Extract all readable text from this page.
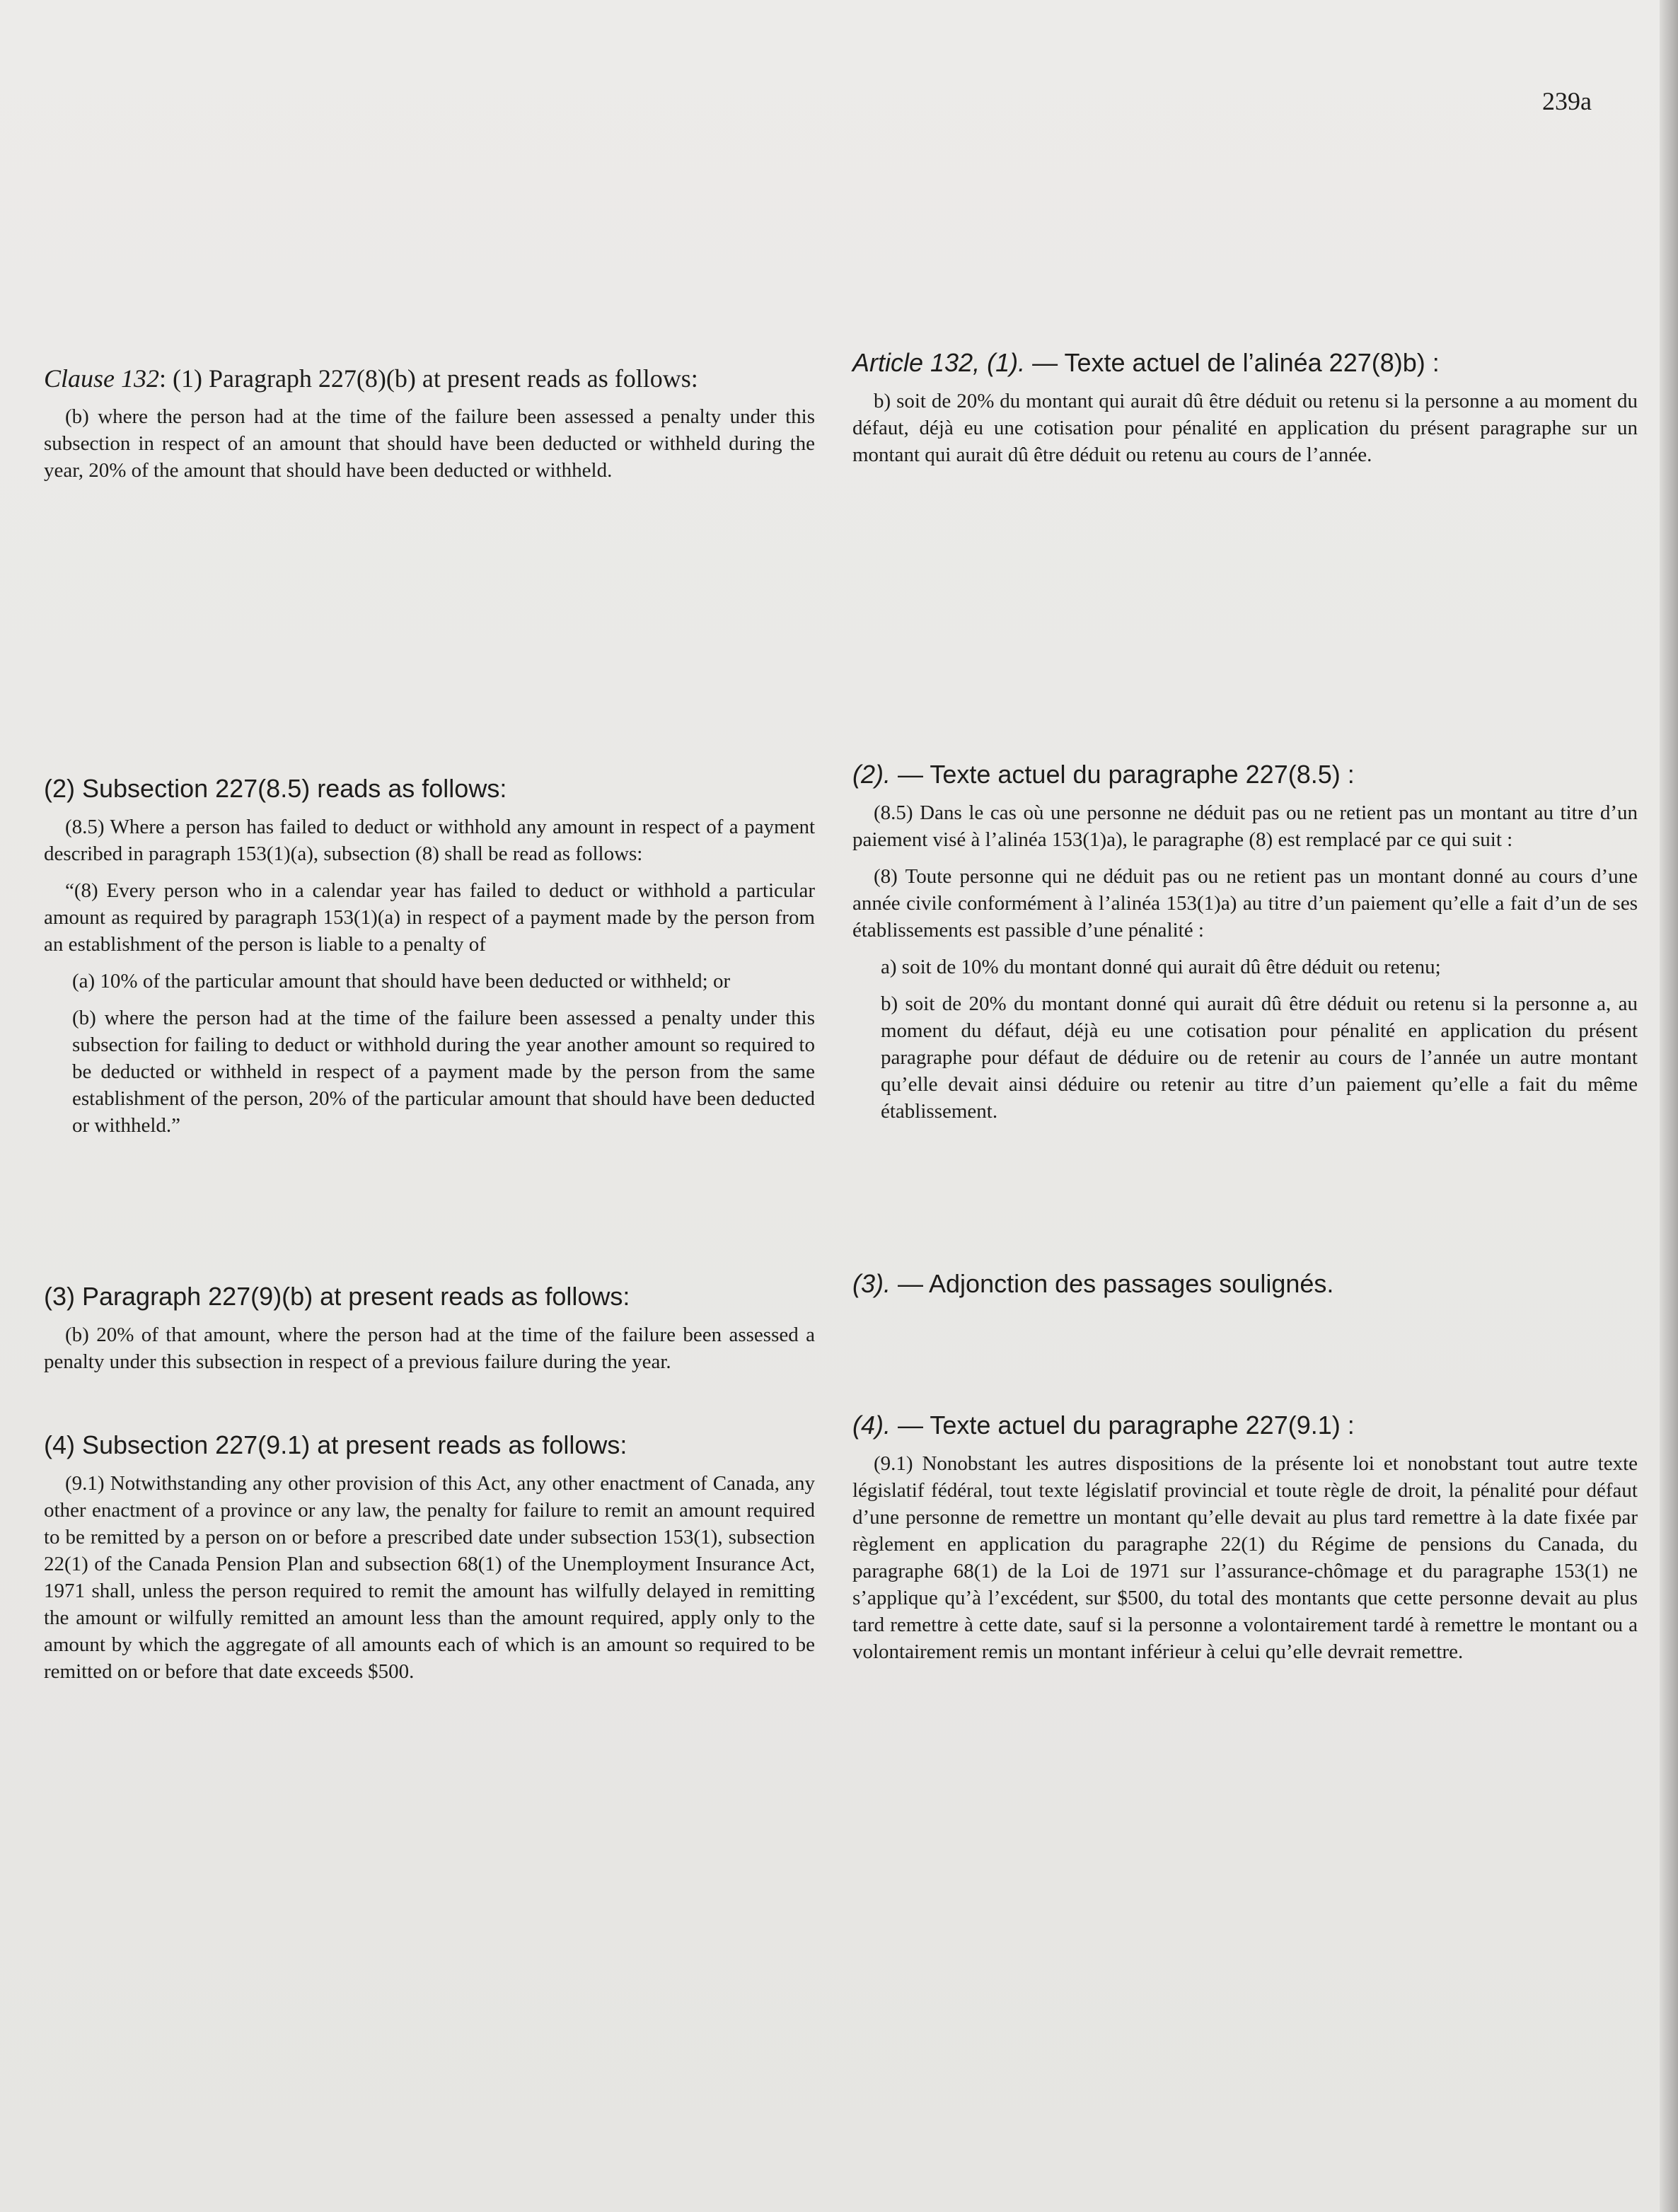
239a
Clause 132: (1) Paragraph 227(8)(b) at present reads as follows:

(b) where the person had at the time of the failure been assessed a penalty under this subsection in respect of an amount that should have been deducted or withheld during the year, 20% of the amount that should have been deducted or withheld.

(2) Subsection 227(8.5) reads as follows:

(8.5) Where a person has failed to deduct or withhold any amount in respect of a payment described in paragraph 153(1)(a), subsection (8) shall be read as follows:

“(8) Every person who in a calendar year has failed to deduct or withhold a particular amount as required by paragraph 153(1)(a) in respect of a payment made by the person from an establishment of the person is liable to a penalty of

(a) 10% of the particular amount that should have been deducted or withheld; or

(b) where the person had at the time of the failure been assessed a penalty under this subsection for failing to deduct or withhold during the year another amount so required to be deducted or withheld in respect of a payment made by the person from the same establishment of the person, 20% of the particular amount that should have been deducted or withheld.”

(3) Paragraph 227(9)(b) at present reads as follows:

(b) 20% of that amount, where the person had at the time of the failure been assessed a penalty under this subsection in respect of a previous failure during the year.

(4) Subsection 227(9.1) at present reads as follows:

(9.1) Notwithstanding any other provision of this Act, any other enactment of Canada, any other enactment of a province or any law, the penalty for failure to remit an amount required to be remitted by a person on or before a prescribed date under subsection 153(1), subsection 22(1) of the Canada Pension Plan and subsection 68(1) of the Unemployment Insurance Act, 1971 shall, unless the person required to remit the amount has wilfully delayed in remitting the amount or wilfully remitted an amount less than the amount required, apply only to the amount by which the aggregate of all amounts each of which is an amount so required to be remitted on or before that date exceeds $500.

Article 132, (1). — Texte actuel de l’alinéa 227(8)b) :

b) soit de 20% du montant qui aurait dû être déduit ou retenu si la personne a au moment du défaut, déjà eu une cotisation pour pénalité en application du présent paragraphe sur un montant qui aurait dû être déduit ou retenu au cours de l’année.

(2). — Texte actuel du paragraphe 227(8.5) :

(8.5) Dans le cas où une personne ne déduit pas ou ne retient pas un montant au titre d’un paiement visé à l’alinéa 153(1)a), le paragraphe (8) est remplacé par ce qui suit :

(8) Toute personne qui ne déduit pas ou ne retient pas un montant donné au cours d’une année civile conformément à l’alinéa 153(1)a) au titre d’un paiement qu’elle a fait d’un de ses établissements est passible d’une pénalité :

a) soit de 10% du montant donné qui aurait dû être déduit ou retenu;

b) soit de 20% du montant donné qui aurait dû être déduit ou retenu si la personne a, au moment du défaut, déjà eu une cotisation pour pénalité en application du présent paragraphe pour défaut de déduire ou de retenir au cours de l’année un autre montant qu’elle devait ainsi déduire ou retenir au titre d’un paiement qu’elle a fait du même établissement.

(3). — Adjonction des passages soulignés.
(4). — Texte actuel du paragraphe 227(9.1) :

(9.1) Nonobstant les autres dispositions de la présente loi et nonobstant tout autre texte législatif fédéral, tout texte législatif provincial et toute règle de droit, la pénalité pour défaut d’une personne de remettre un montant qu’elle devait au plus tard remettre à la date fixée par règlement en application du paragraphe 22(1) du Régime de pensions du Canada, du paragraphe 68(1) de la Loi de 1971 sur l’assurance-chômage et du paragraphe 153(1) ne s’applique qu’à l’excédent, sur $500, du total des montants que cette personne devait au plus tard remettre à cette date, sauf si la personne a volontairement tardé à remettre le montant ou a volontairement remis un montant inférieur à celui qu’elle devrait remettre.
